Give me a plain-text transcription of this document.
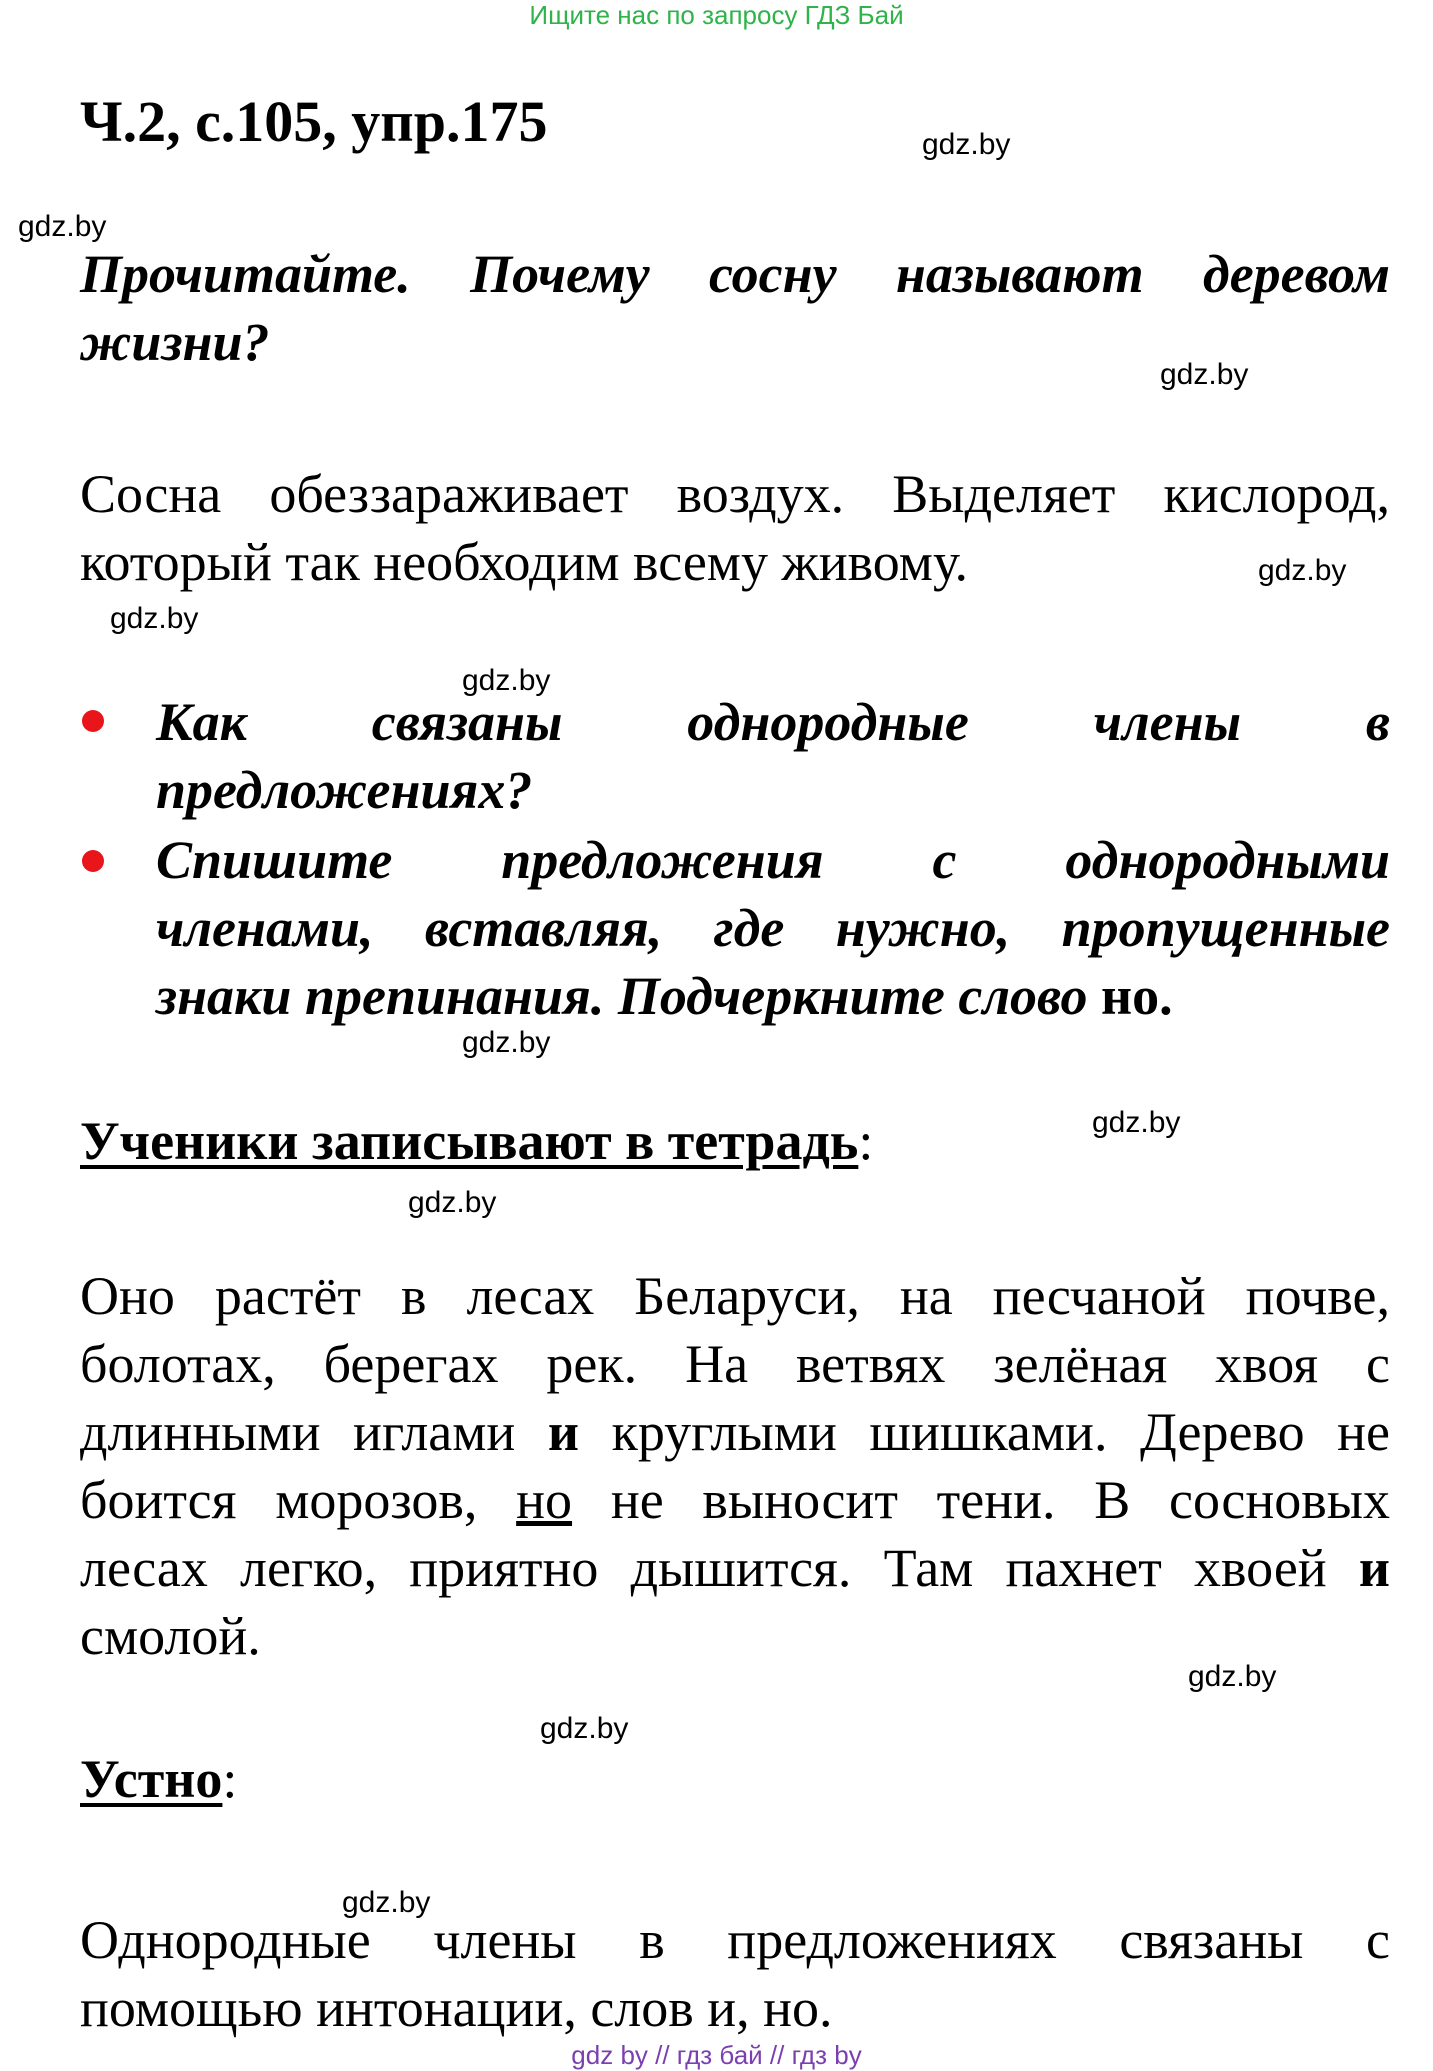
Ищите нас по запросу ГДЗ Бай
Ч.2, с.105, упр.175	gdz.by
gdz.by
Прочитайте. Почему сосну называют деревом
жизни?
gdz.by
Сосна обеззараживает воздух. Выделяет кислород,
который так необходим всему живому.	gdz.by
gdz.by
gdz.by
Как связаны однородные члены в
предложениях?
Спишите предложения с однородными
членами, вставляя, где нужно, пропущенные
знаки препинания. Подчеркните слово но.
gdz.by
gdz.by
Ученики записывают в тетрадь:
gdz.by
Оно растёт в лесах Беларуси, на песчаной почве,
болотах, берегах рек. На ветвях зелёная хвоя с
длинными иглами и круглыми шишками. Дерево не
боится морозов, но не выносит тени. В сосновых
лесах легко, приятно дышится. Там пахнет хвоей и
смолой.
gdz.by
gdz.by
Устно:
gdz.by
Однородные члены в предложениях связаны с
помощью интонации, слов и, но.
gdz by // гдз бай // гдз by
